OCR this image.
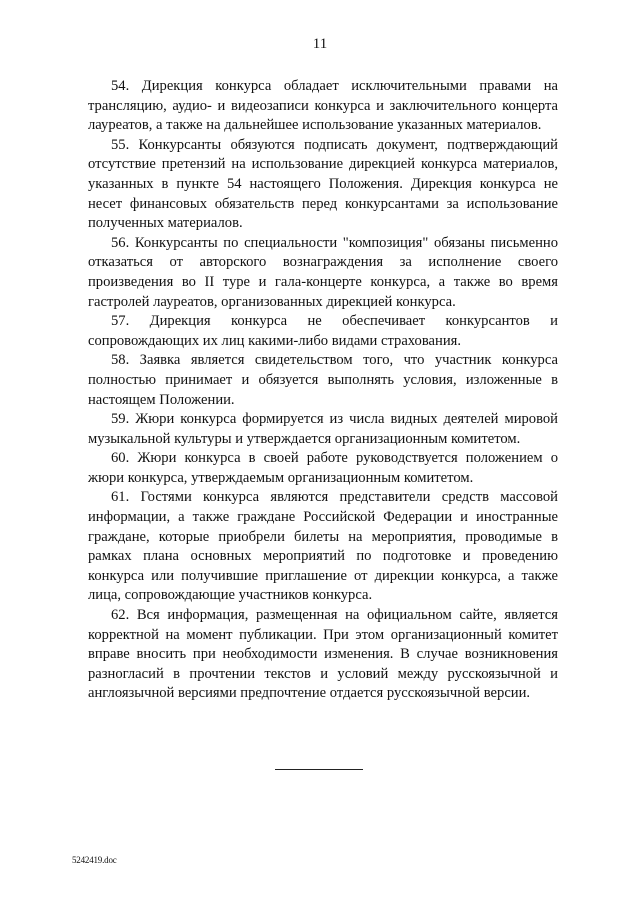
11

54. Дирекция конкурса обладает исключительными правами на трансляцию, аудио- и видеозаписи конкурса и заключительного концерта лауреатов, а также на дальнейшее использование указанных материалов.

55. Конкурсанты обязуются подписать документ, подтверждающий отсутствие претензий на использование дирекцией конкурса материалов, указанных в пункте 54 настоящего Положения. Дирекция конкурса не несет финансовых обязательств перед конкурсантами за использование полученных материалов.

56. Конкурсанты по специальности "композиция" обязаны письменно отказаться от авторского вознаграждения за исполнение своего произведения во II туре и гала-концерте конкурса, а также во время гастролей лауреатов, организованных дирекцией конкурса.

57. Дирекция конкурса не обеспечивает конкурсантов и сопровождающих их лиц какими-либо видами страхования.

58. Заявка является свидетельством того, что участник конкурса полностью принимает и обязуется выполнять условия, изложенные в настоящем Положении.

59. Жюри конкурса формируется из числа видных деятелей мировой музыкальной культуры и утверждается организационным комитетом.

60. Жюри конкурса в своей работе руководствуется положением о жюри конкурса, утверждаемым организационным комитетом.

61. Гостями конкурса являются представители средств массовой информации, а также граждане Российской Федерации и иностранные граждане, которые приобрели билеты на мероприятия, проводимые в рамках плана основных мероприятий по подготовке и проведению конкурса или получившие приглашение от дирекции конкурса, а также лица, сопровождающие участников конкурса.

62. Вся информация, размещенная на официальном сайте, является корректной на момент публикации. При этом организационный комитет вправе вносить при необходимости изменения. В случае возникновения разногласий в прочтении текстов и условий между русскоязычной и англоязычной версиями предпочтение отдается русскоязычной версии.

5242419.doc
